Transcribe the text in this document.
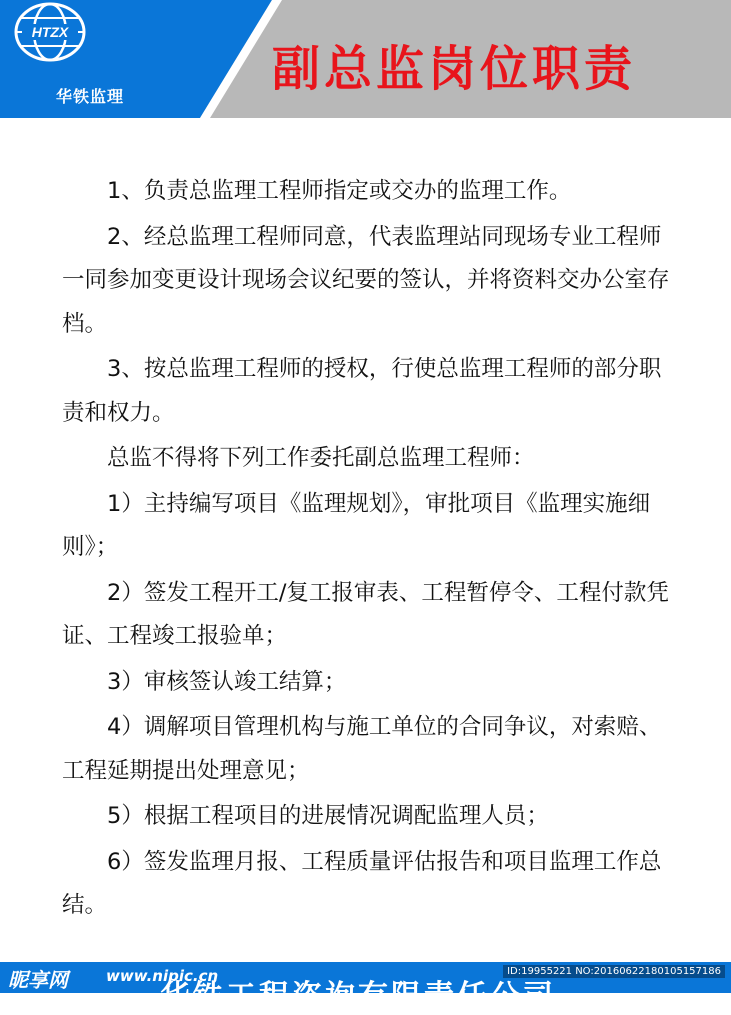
HTZX
华铁监理	副总监岗位职责

1、负责总监理工程师指定或交办的监理工作。

2、经总监理工程师同意，代表监理站同现场专业工程师一同参加变更设计现场会议纪要的签认，并将资料交办公室存档。

3、按总监理工程师的授权，行使总监理工程师的部分职责和权力。

总监不得将下列工作委托副总监理工程师：

1）主持编写项目《监理规划》，审批项目《监理实施细则》；

2）签发工程开工/复工报审表、工程暂停令、工程付款凭证、工程竣工报验单；

3）审核签认竣工结算；

4）调解项目管理机构与施工单位的合同争议，对索赔、工程延期提出处理意见；

5）根据工程项目的进展情况调配监理人员；

6）签发监理月报、工程质量评估报告和项目监理工作总结。

华铁工程咨询有限责任公司
昵享网	www.nipic.cn	ID:19955221 NO:20160622180105157186
